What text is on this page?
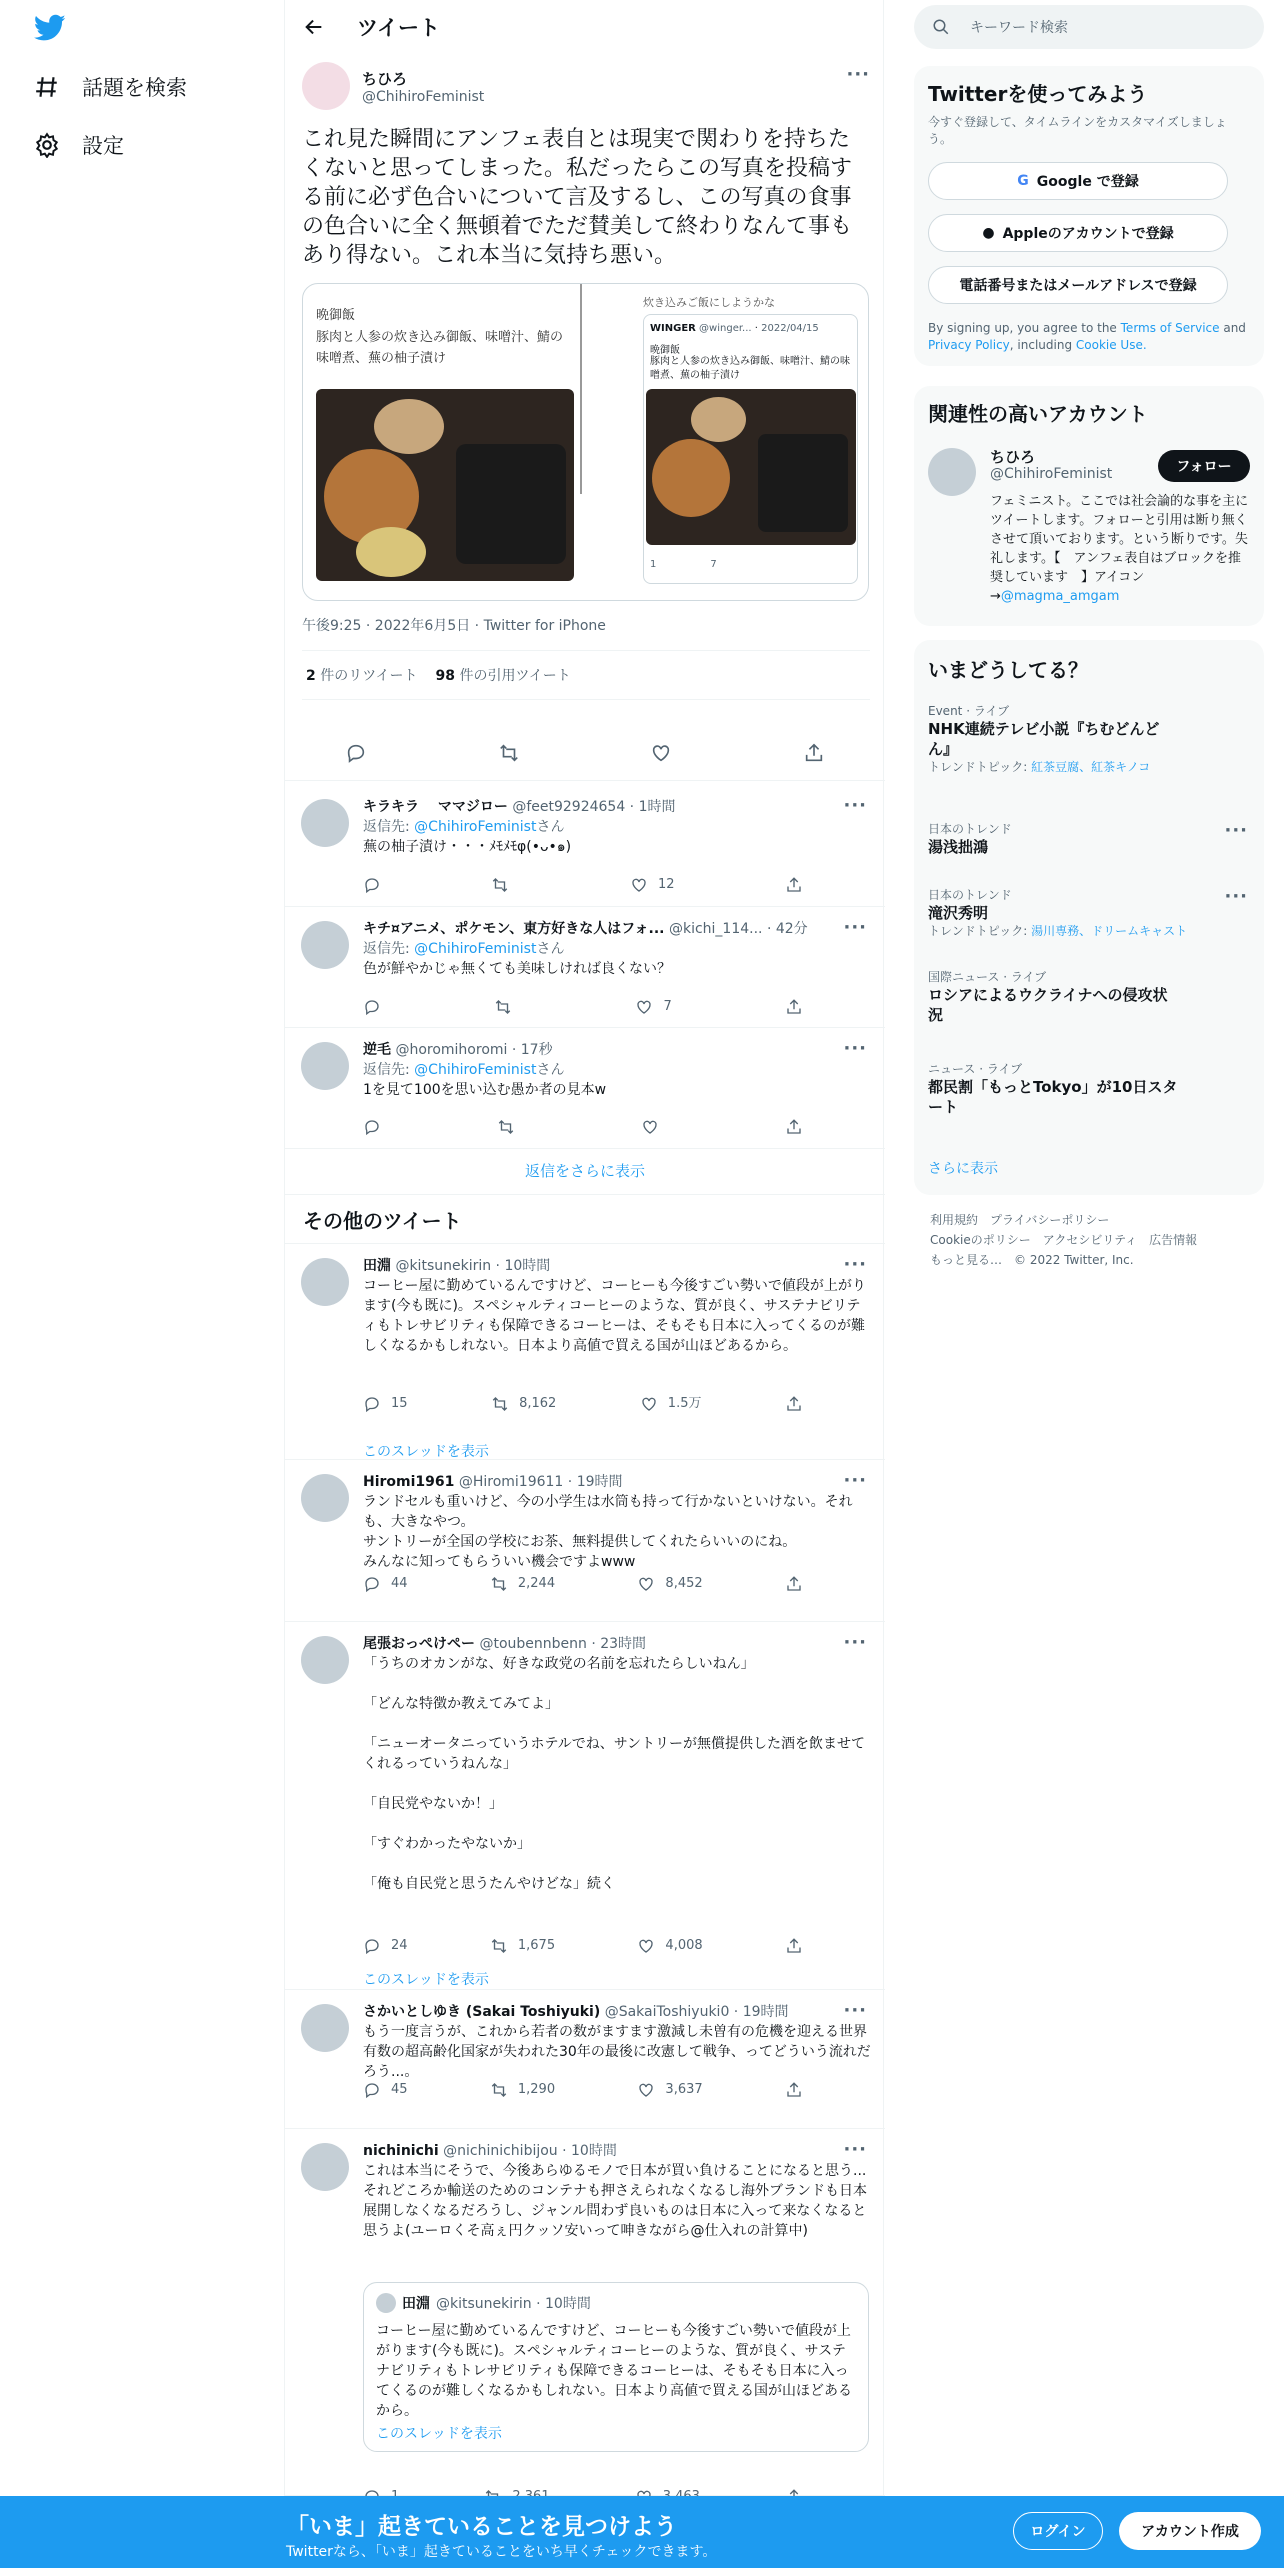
話題を検索
設定
ツイート
ちひろ
@ChihiroFeminist
···
これ見た瞬間にアンフェ表自とは現実で関わりを持ちたくないと思ってしまった。私だったらこの写真を投稿する前に必ず色合いについて言及するし、この写真の食事の色合いに全く無頓着でただ賛美して終わりなんて事もあり得ない。これ本当に気持ち悪い。
晩御飯
豚肉と人参の炊き込み御飯、味噌汁、鯖の味噌煮、蕪の柚子漬け
炊き込みご飯にしようかな
WINGER @winger... · 2022/04/15
晩御飯
豚肉と人参の炊き込み御飯、味噌汁、鯖の味噌煮、蕪の柚子漬け
1	7
午後9:25 · 2022年6月5日 · Twitter for iPhone
2 件のリツイート 98 件の引用ツイート
···
キラキラ　 ママジロー @feet92924654 · 1時間
返信先: @ChihiroFeministさん
蕪の柚子漬け・・・ﾒﾓﾒﾓφ(•ᴗ•๑)
12
···
キチ¤アニメ、ポケモン、東方好きな人はフォ... @kichi_114... · 42分
返信先: @ChihiroFeministさん
色が鮮やかじゃ無くても美味しければ良くない？
7
···
逆毛 @horomihoromi · 17秒
返信先: @ChihiroFeministさん
1を見て100を思い込む愚か者の見本w
返信をさらに表示
その他のツイート
···
田淵 @kitsunekirin · 10時間
コーヒー屋に勤めているんですけど、コーヒーも今後すごい勢いで値段が上がります(今も既に)。スペシャルティコーヒーのような、質が良く、サステナビリティもトレサビリティも保障できるコーヒーは、そもそも日本に入ってくるのが難しくなるかもしれない。日本より高値で買える国が山ほどあるから。
15	8,162	1.5万
このスレッドを表示
···
Hiromi1961 @Hiromi19611 · 19時間
ランドセルも重いけど、今の小学生は水筒も持って行かないといけない。それも、大きなやつ。
サントリーが全国の学校にお茶、無料提供してくれたらいいのにね。
みんなに知ってもらういい機会ですよwww
44	2,244	8,452
···
尾張おっぺけペー @toubennbenn · 23時間
「うちのオカンがな、好きな政党の名前を忘れたらしいねん」

「どんな特徴か教えてみてよ」

「ニューオータニっていうホテルでね、サントリーが無償提供した酒を飲ませてくれるっていうねんな」

「自民党やないか！」

「すぐわかったやないか」

「俺も自民党と思うたんやけどな」続く
24	1,675	4,008
このスレッドを表示
···
さかいとしゆき (Sakai Toshiyuki) @SakaiToshiyuki0 · 19時間
もう一度言うが、これから若者の数がますます激減し未曽有の危機を迎える世界有数の超高齢化国家が失われた30年の最後に改憲して戦争、ってどういう流れだろう...。
45	1,290	3,637
···
nichinichi @nichinichibijou · 10時間
これは本当にそうで、今後あらゆるモノで日本が買い負けることになると思う...それどころか輸送のためのコンテナも押さえられなくなるし海外ブランドも日本展開しなくなるだろうし、ジャンル問わず良いものは日本に入って来なくなると思うよ(ユーロくそ高ぇ円クッソ安いって呻きながら@仕入れの計算中)
田淵 @kitsunekirin · 10時間
コーヒー屋に勤めているんですけど、コーヒーも今後すごい勢いで値段が上がります(今も既に)。スペシャルティコーヒーのような、質が良く、サステナビリティもトレサビリティも保障できるコーヒーは、そもそも日本に入ってくるのが難しくなるかもしれない。日本より高値で買える国が山ほどあるから。
このスレッドを表示
キーワード検索
Twitterを使ってみよう
今すぐ登録して、タイムラインをカスタマイズしましょう。
G Google で登録
● Appleのアカウントで登録
電話番号またはメールアドレスで登録
By signing up, you agree to the Terms of Service and Privacy Policy, including Cookie Use.
関連性の高いアカウント
ちひろ
@ChihiroFeminist	フォロー
フェミニスト。ここでは社会論的な事を主にツイートします。フォローと引用は断り無くさせて頂いております。という断りです。失礼します。【　アンフェ表自はブロックを推奨しています　】アイコン→@magma_amgam
いまどうしてる？
Event · ライブ
NHK連続テレビ小説『ちむどんどん』
トレンドトピック: 紅茶豆腐、紅茶キノコ
日本のトレンド
湯浅拙鴻
···
日本のトレンド
滝沢秀明
トレンドトピック: 湯川専務、ドリームキャスト
···
国際ニュース · ライブ
ロシアによるウクライナへの侵攻状況
ニュース · ライブ
都民割「もっとTokyo」が10日スタート
さらに表示
利用規約　プライバシーポリシー
Cookieのポリシー　アクセシビリティ　広告情報
もっと見る…　© 2022 Twitter, Inc.
「いま」起きていることを見つけよう
Twitterなら、「いま」起きていることをいち早くチェックできます。
ログイン	アカウント作成
